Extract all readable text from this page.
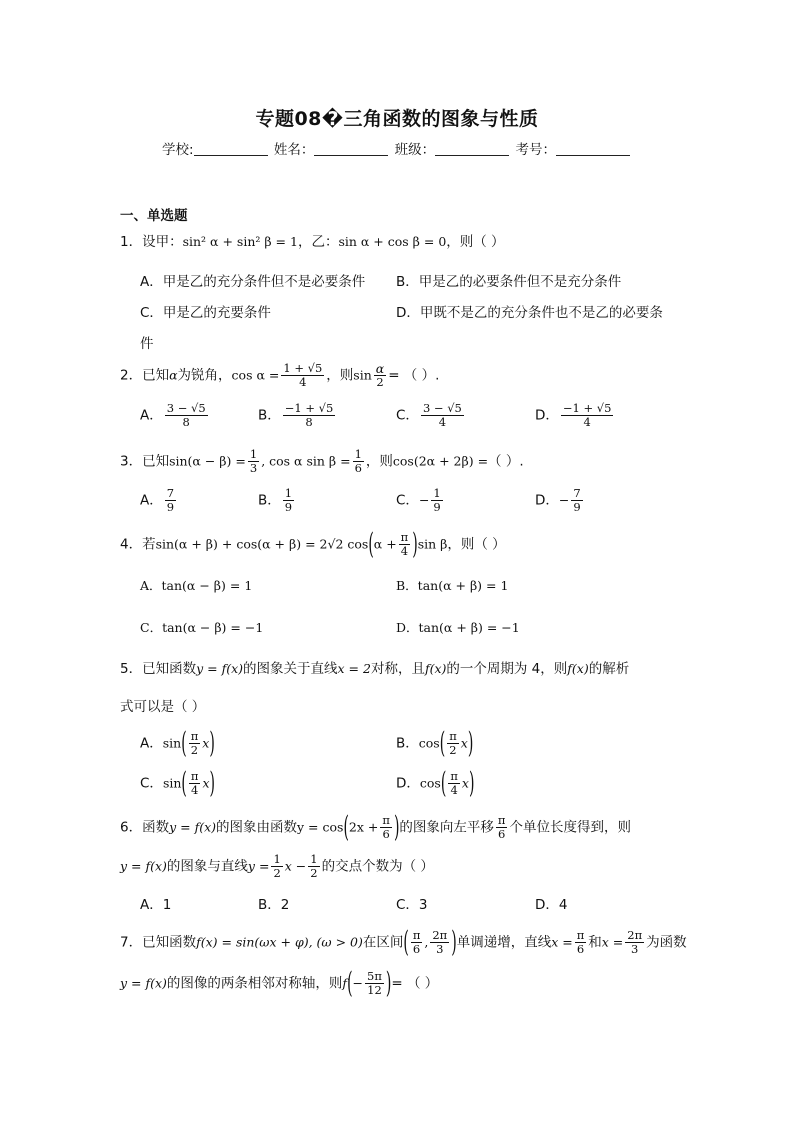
专题08�三角函数的图象与性质
学校:	姓名：	班级：	考号：
一、单选题
1．设甲：sin² α + sin² β = 1，乙：sin α + cos β = 0，则（ ）
A．甲是乙的充分条件但不是必要条件 B．甲是乙的必要条件但不是充分条件
C．甲是乙的充要条件	D．甲既不是乙的充分条件也不是乙的必要条
件
2．已知α为锐角，$\cos \alpha = \frac{1 + √5}{4}$ ，则$\sin \frac{\alpha}{2}$ = （ ）.
A． $\frac{3 - √5}{8}$	B． $\frac{-1 + √5}{8}$	C． $\frac{3 - √5}{4}$	D． $\frac{-1 + √5}{4}$
3．已知$\sin(\alpha - \beta) = \frac{1}{3}$ , cos α $\sin \beta = \frac{1}{6}$ ，则cos(2α + 2β) =（ ）.
A． $\frac{7}{9}$	B． $\frac{1}{9}$	C．− $\frac{1}{9}$	D．− $\frac{7}{9}$
4．若sin(α + β) + cos(α + β) = 2√2 $\cos(\alpha + \frac{\pi}{4} )\sin$ β，则（ ）
A．tan(α − β) = 1	B．tan(α + β) = 1
C．tan(α − β) = −1	D．tan(α + β) = −1
5．已知函数y = f(x)的图象关于直线x = 2对称，且f(x)的一个周期为 4，则f(x)的解析
式可以是（ ）
A．$\sin( \frac{\pi}{2} x)$	B．$\cos( \frac{\pi}{2} x)$
C．$\sin( \frac{\pi}{4} x)$	D．$\cos( \frac{\pi}{4} x)$
6．函数y = f(x)的图象由函数$y = \cos(2x + \frac{\pi}{6}$ )的图象向左平移 $\frac{\pi}{6}$ 个单位长度得到，则
y = f(x)的图象与直线$y = \frac{1}{2}$ $x - \frac{1}{2}$ 的交点个数为（ ）
A．1	B．2	C．3	D．4
7．已知函数f(x) = sin(ωx + φ), (ω > 0)在区间( $\frac{\pi}{6}$ , $\frac{2\pi}{3}$ )单调递增，直线$x = \frac{\pi}{6}$ 和$x = \frac{2\pi}{3}$ 为函数
y = f(x)的图像的两条相邻对称轴，则$f(- \frac{5\pi}{12}$ )= （ ）
